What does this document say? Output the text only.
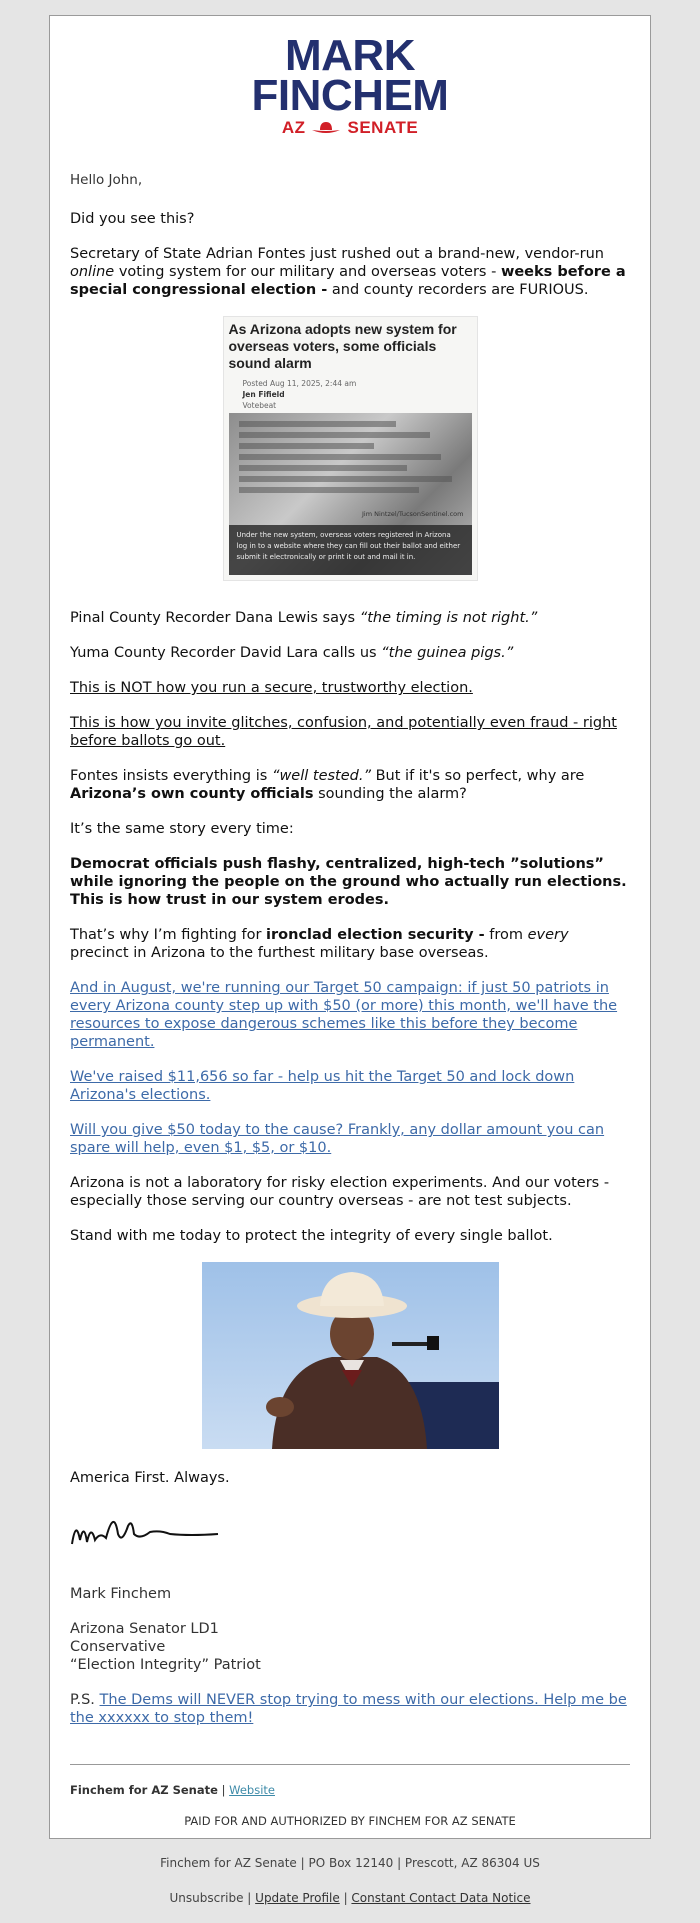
MARK
FINCHEM
AZ SENATE

Hello John,

Did you see this?

Secretary of State Adrian Fontes just rushed out a brand-new, vendor-run online voting system for our military and overseas voters - weeks before a special congressional election - and county recorders are FURIOUS.

As Arizona adopts new system for overseas voters, some officials sound alarm
Posted Aug 11, 2025, 2:44 am
Jen Fifield
Votebeat
Jim Nintzel/TucsonSentinel.com
Under the new system, overseas voters registered in Arizona log in to a website where they can fill out their ballot and either submit it electronically or print it out and mail it in.

Pinal County Recorder Dana Lewis says “the timing is not right.”

Yuma County Recorder David Lara calls us “the guinea pigs.”

This is NOT how you run a secure, trustworthy election.

This is how you invite glitches, confusion, and potentially even fraud - right before ballots go out.

Fontes insists everything is “well tested.” But if it's so perfect, why are Arizona’s own county officials sounding the alarm?

It’s the same story every time:

Democrat officials push flashy, centralized, high-tech ”solutions” while ignoring the people on the ground who actually run elections. This is how trust in our system erodes.

That’s why I’m fighting for ironclad election security - from every precinct in Arizona to the furthest military base overseas.

And in August, we're running our Target 50 campaign: if just 50 patriots in every Arizona county step up with $50 (or more) this month, we'll have the resources to expose dangerous schemes like this before they become permanent.

We've raised $11,656 so far - help us hit the Target 50 and lock down Arizona's elections.

Will you give $50 today to the cause? Frankly, any dollar amount you can spare will help, even $1, $5, or $10.

Arizona is not a laboratory for risky election experiments. And our voters - especially those serving our country overseas - are not test subjects.

Stand with me today to protect the integrity of every single ballot.

America First. Always.

Mark Finchem

Arizona Senator LD1
Conservative
“Election Integrity” Patriot

P.S. The Dems will NEVER stop trying to mess with our elections. Help me be the xxxxxx to stop them!

Finchem for AZ Senate | Website
PAID FOR AND AUTHORIZED BY FINCHEM FOR AZ SENATE
Finchem for AZ Senate | PO Box 12140 | Prescott, AZ 86304 US
Unsubscribe | Update Profile | Constant Contact Data Notice
